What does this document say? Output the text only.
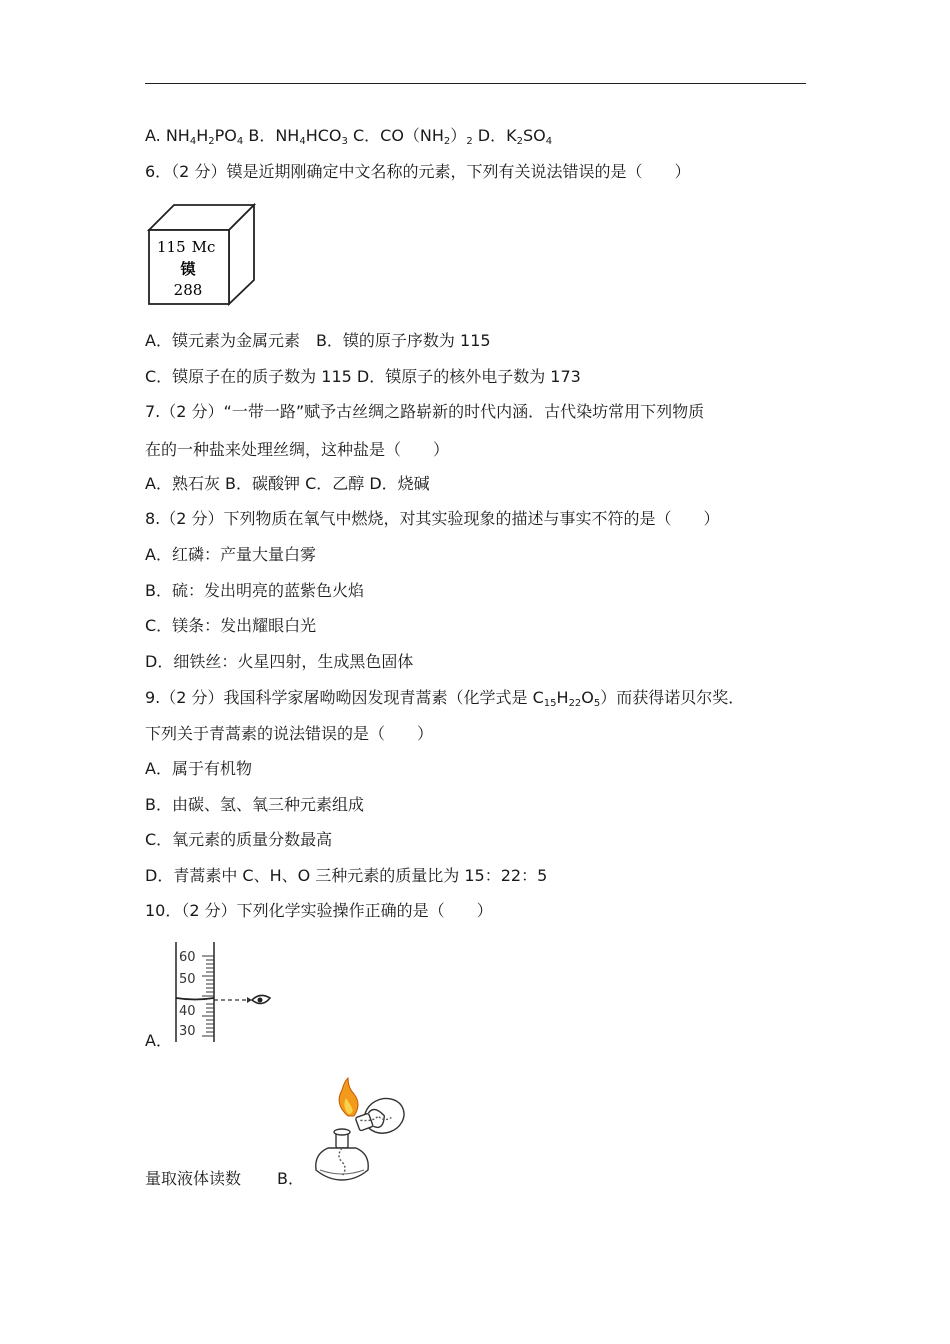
A. $NH_4H_2PO_4$ B．$NH_4HCO_3$ C．$CO(NH_2)_2$ D．$K_2SO_4$
6．（2 分）镆是近期刚确定中文名称的元素，下列有关说法错误的是（　　）
115 Mc
镆
288
A．镆元素为金属元素　B．镆的原子序数为 115
C．镆原子在的质子数为 115 D．镆原子的核外电子数为 173
7.（2 分）“一带一路”赋予古丝绸之路崭新的时代内涵．古代染坊常用下列物质
在的一种盐来处理丝绸，这种盐是（　　）
A．熟石灰 B．碳酸钾 C．乙醇 D．烧碱
8.（2 分）下列物质在氧气中燃烧，对其实验现象的描述与事实不符的是（　　）
A．红磷：产量大量白雾
B．硫：发出明亮的蓝紫色火焰
C．镁条：发出耀眼白光
D．细铁丝：火星四射，生成黑色固体
9.（2 分）我国科学家屠呦呦因发现青蒿素（化学式是 $C_{15}H_{22}O_5$）而获得诺贝尔奖．
下列关于青蒿素的说法错误的是（　　）
A．属于有机物
B．由碳、氢、氧三种元素组成
C．氧元素的质量分数最高
D．青蒿素中 C、H、O 三种元素的质量比为 15：22：5
10．（2 分）下列化学实验操作正确的是（　　）
A．
60
50
40
30
量取液体读数 B．
